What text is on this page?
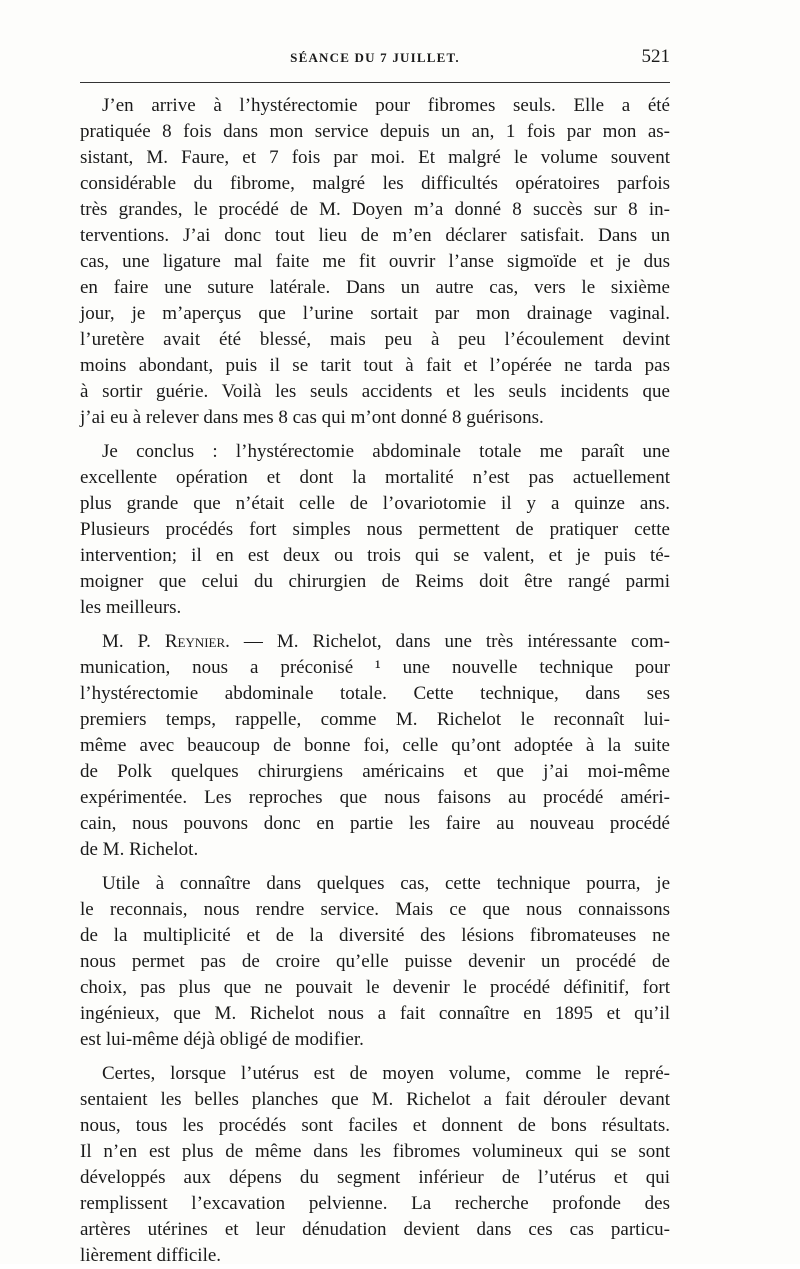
SÉANCE DU 7 JUILLET.	521

J’en arrive à l’hystérectomie pour fibromes seuls. Elle a été
pratiquée 8 fois dans mon service depuis un an, 1 fois par mon as-
sistant, M. Faure, et 7 fois par moi. Et malgré le volume souvent
considérable du fibrome, malgré les difficultés opératoires parfois
très grandes, le procédé de M. Doyen m’a donné 8 succès sur 8 in-
terventions. J’ai donc tout lieu de m’en déclarer satisfait. Dans un
cas, une ligature mal faite me fit ouvrir l’anse sigmoïde et je dus
en faire une suture latérale. Dans un autre cas, vers le sixième
jour, je m’aperçus que l’urine sortait par mon drainage vaginal.
l’uretère avait été blessé, mais peu à peu l’écoulement devint
moins abondant, puis il se tarit tout à fait et l’opérée ne tarda pas
à sortir guérie. Voilà les seuls accidents et les seuls incidents que
j’ai eu à relever dans mes 8 cas qui m’ont donné 8 guérisons.

Je conclus : l’hystérectomie abdominale totale me paraît une
excellente opération et dont la mortalité n’est pas actuellement
plus grande que n’était celle de l’ovariotomie il y a quinze ans.
Plusieurs procédés fort simples nous permettent de pratiquer cette
intervention; il en est deux ou trois qui se valent, et je puis té-
moigner que celui du chirurgien de Reims doit être rangé parmi
les meilleurs.

M. P. Reynier. — M. Richelot, dans une très intéressante com-
munication, nous a préconisé ¹ une nouvelle technique pour
l’hystérectomie abdominale totale. Cette technique, dans ses
premiers temps, rappelle, comme M. Richelot le reconnaît lui-
même avec beaucoup de bonne foi, celle qu’ont adoptée à la suite
de Polk quelques chirurgiens américains et que j’ai moi-même
expérimentée. Les reproches que nous faisons au procédé améri-
cain, nous pouvons donc en partie les faire au nouveau procédé
de M. Richelot.

Utile à connaître dans quelques cas, cette technique pourra, je
le reconnais, nous rendre service. Mais ce que nous connaissons
de la multiplicité et de la diversité des lésions fibromateuses ne
nous permet pas de croire qu’elle puisse devenir un procédé de
choix, pas plus que ne pouvait le devenir le procédé définitif, fort
ingénieux, que M. Richelot nous a fait connaître en 1895 et qu’il
est lui-même déjà obligé de modifier.

Certes, lorsque l’utérus est de moyen volume, comme le repré-
sentaient les belles planches que M. Richelot a fait dérouler devant
nous, tous les procédés sont faciles et donnent de bons résultats.
Il n’en est plus de même dans les fibromes volumineux qui se sont
développés aux dépens du segment inférieur de l’utérus et qui
remplissent l’excavation pelvienne. La recherche profonde des
artères utérines et leur dénudation devient dans ces cas particu-
lièrement difficile.
